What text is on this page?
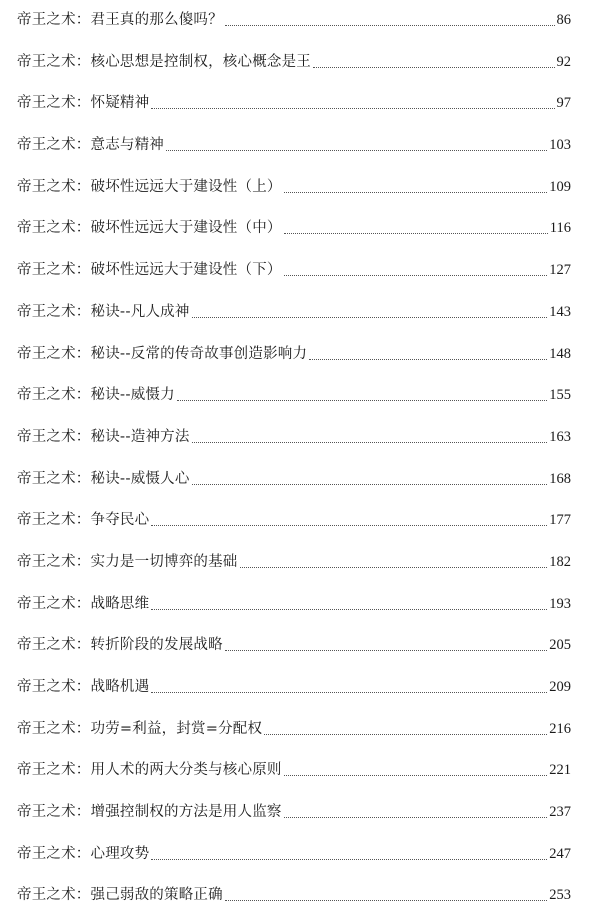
帝王之术：君王真的那么傻吗？	86
帝王之术：核心思想是控制权，核心概念是王	92
帝王之术：怀疑精神	97
帝王之术：意志与精神	103
帝王之术：破坏性远远大于建设性（上）	109
帝王之术：破坏性远远大于建设性（中）	116
帝王之术：破坏性远远大于建设性（下）	127
帝王之术：秘诀--凡人成神	143
帝王之术：秘诀--反常的传奇故事创造影响力	148
帝王之术：秘诀--威慑力	155
帝王之术：秘诀--造神方法	163
帝王之术：秘诀--威慑人心	168
帝王之术：争夺民心	177
帝王之术：实力是一切博弈的基础	182
帝王之术：战略思维	193
帝王之术：转折阶段的发展战略	205
帝王之术：战略机遇	209
帝王之术：功劳=利益，封赏=分配权	216
帝王之术：用人术的两大分类与核心原则	221
帝王之术：增强控制权的方法是用人监察	237
帝王之术：心理攻势	247
帝王之术：强己弱敌的策略正确	253
